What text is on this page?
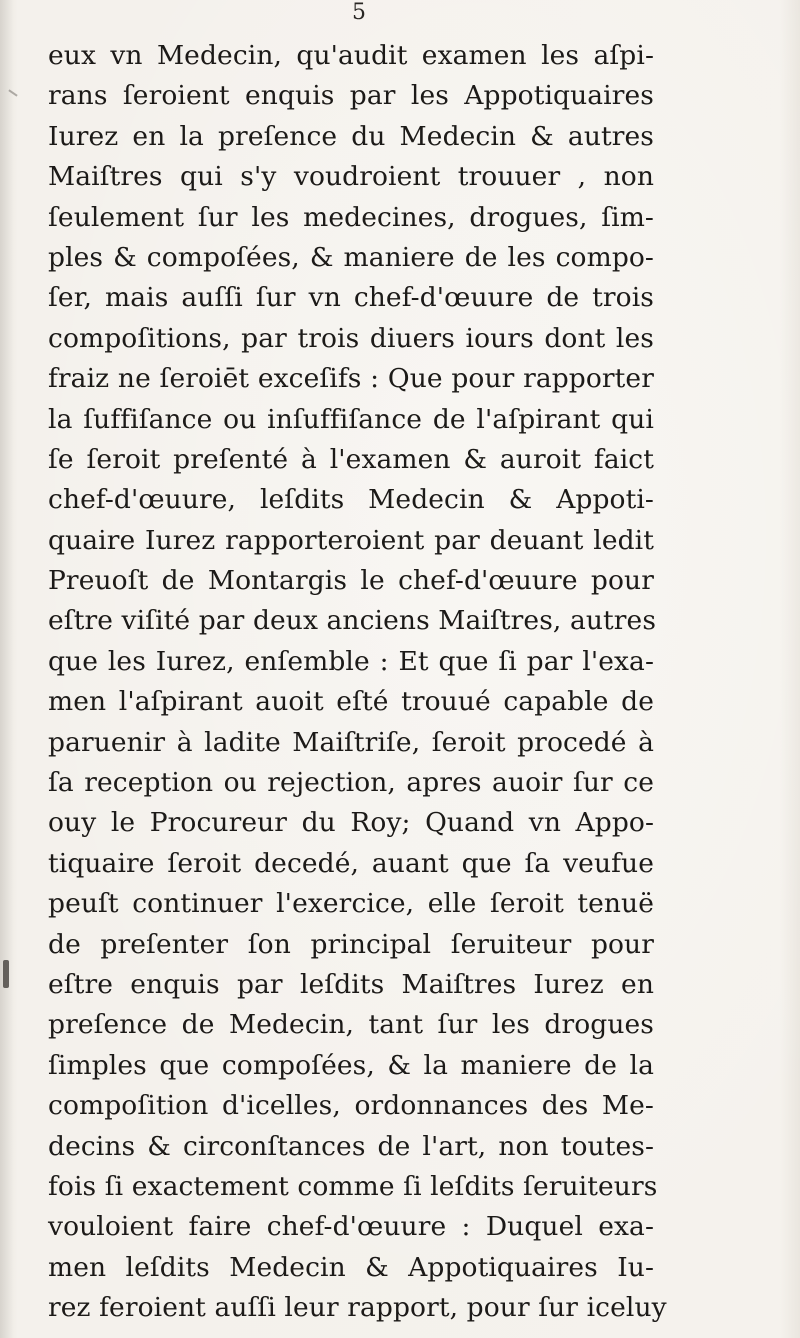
5
eux vn Medecin, qu'audit examen les aſpi-
rans ſeroient enquis par les Appotiquaires
Iurez en la preſence du Medecin & autres
Maiſtres qui s'y voudroient trouuer , non
ſeulement ſur les medecines, drogues, ſim-
ples & compoſées, & maniere de les compo-
ſer, mais auſſi ſur vn chef-d'œuure de trois
compoſitions, par trois diuers iours dont les
fraiz ne ſeroiēt exceſifs : Que pour rapporter
la ſuffiſance ou inſuffiſance de l'aſpirant qui
ſe ſeroit preſenté à l'examen & auroit faict
chef-d'œuure, leſdits Medecin & Appoti-
quaire Iurez rapporteroient par deuant ledit
Preuoſt de Montargis le chef-d'œuure pour
eſtre viſité par deux anciens Maiſtres, autres
que les Iurez, enſemble : Et que ſi par l'exa-
men l'aſpirant auoit eſté trouué capable de
paruenir à ladite Maiſtriſe, ſeroit procedé à
ſa reception ou rejection, apres auoir ſur ce
ouy le Procureur du Roy; Quand vn Appo-
tiquaire ſeroit decedé, auant que ſa veufue
peuſt continuer l'exercice, elle ſeroit tenuë
de preſenter ſon principal ſeruiteur pour
eſtre enquis par leſdits Maiſtres Iurez en
preſence de Medecin, tant ſur les drogues
ſimples que compoſées, & la maniere de la
compoſition d'icelles, ordonnances des Me-
decins & circonſtances de l'art, non toutes-
fois ſi exactement comme ſi leſdits ſeruiteurs
vouloient faire chef-d'œuure : Duquel exa-
men leſdits Medecin & Appotiquaires Iu-
rez feroient auſſi leur rapport, pour ſur iceluy
